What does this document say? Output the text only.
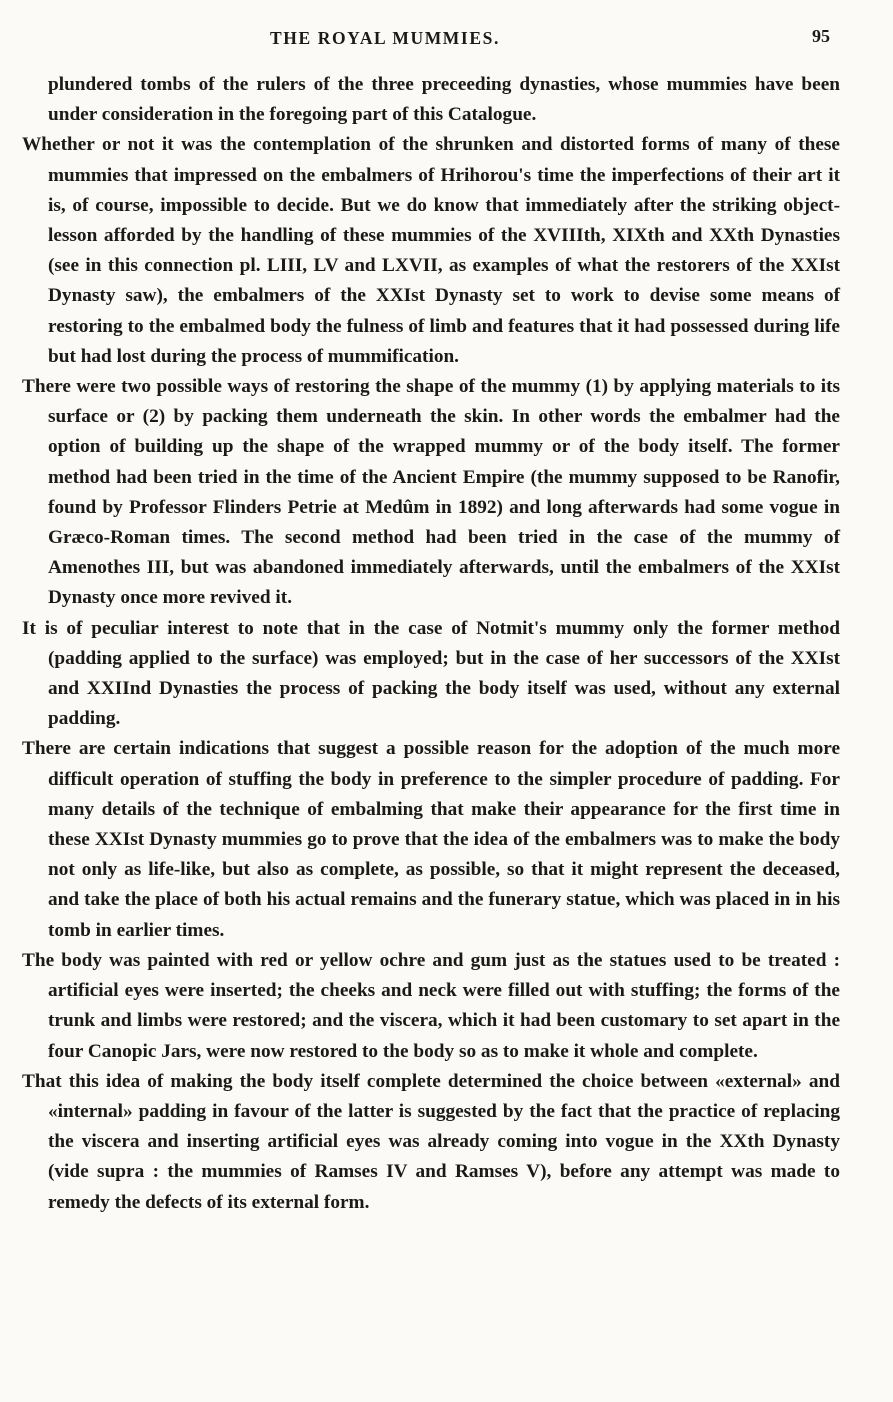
THE ROYAL MUMMIES.	95

plundered tombs of the rulers of the three preceeding dynasties, whose mummies have been under consideration in the foregoing part of this Catalogue.

Whether or not it was the contemplation of the shrunken and distorted forms of many of these mummies that impressed on the embalmers of Hrihorou's time the imperfections of their art it is, of course, impossible to decide. But we do know that immediately after the striking object-lesson afforded by the handling of these mummies of the XVIIIth, XIXth and XXth Dynasties (see in this connection pl. LIII, LV and LXVII, as examples of what the restorers of the XXIst Dynasty saw), the embalmers of the XXIst Dynasty set to work to devise some means of restoring to the embalmed body the fulness of limb and features that it had possessed during life but had lost during the process of mummification.

There were two possible ways of restoring the shape of the mummy (1) by applying materials to its surface or (2) by packing them underneath the skin. In other words the embalmer had the option of building up the shape of the wrapped mummy or of the body itself. The former method had been tried in the time of the Ancient Empire (the mummy supposed to be Ranofir, found by Professor Flinders Petrie at Medûm in 1892) and long afterwards had some vogue in Græco-Roman times. The second method had been tried in the case of the mummy of Amenothes III, but was abandoned immediately afterwards, until the embalmers of the XXIst Dynasty once more revived it.

It is of peculiar interest to note that in the case of Notmit's mummy only the former method (padding applied to the surface) was employed; but in the case of her successors of the XXIst and XXIInd Dynasties the process of packing the body itself was used, without any external padding.

There are certain indications that suggest a possible reason for the adoption of the much more difficult operation of stuffing the body in preference to the simpler procedure of padding. For many details of the technique of embalming that make their appearance for the first time in these XXIst Dynasty mummies go to prove that the idea of the embalmers was to make the body not only as life-like, but also as complete, as possible, so that it might represent the deceased, and take the place of both his actual remains and the funerary statue, which was placed in in his tomb in earlier times.

The body was painted with red or yellow ochre and gum just as the statues used to be treated : artificial eyes were inserted; the cheeks and neck were filled out with stuffing; the forms of the trunk and limbs were restored; and the viscera, which it had been customary to set apart in the four Canopic Jars, were now restored to the body so as to make it whole and complete.

That this idea of making the body itself complete determined the choice between «external» and «internal» padding in favour of the latter is suggested by the fact that the practice of replacing the viscera and inserting artificial eyes was already coming into vogue in the XXth Dynasty (vide supra : the mummies of Ramses IV and Ramses V), before any attempt was made to remedy the defects of its external form.
